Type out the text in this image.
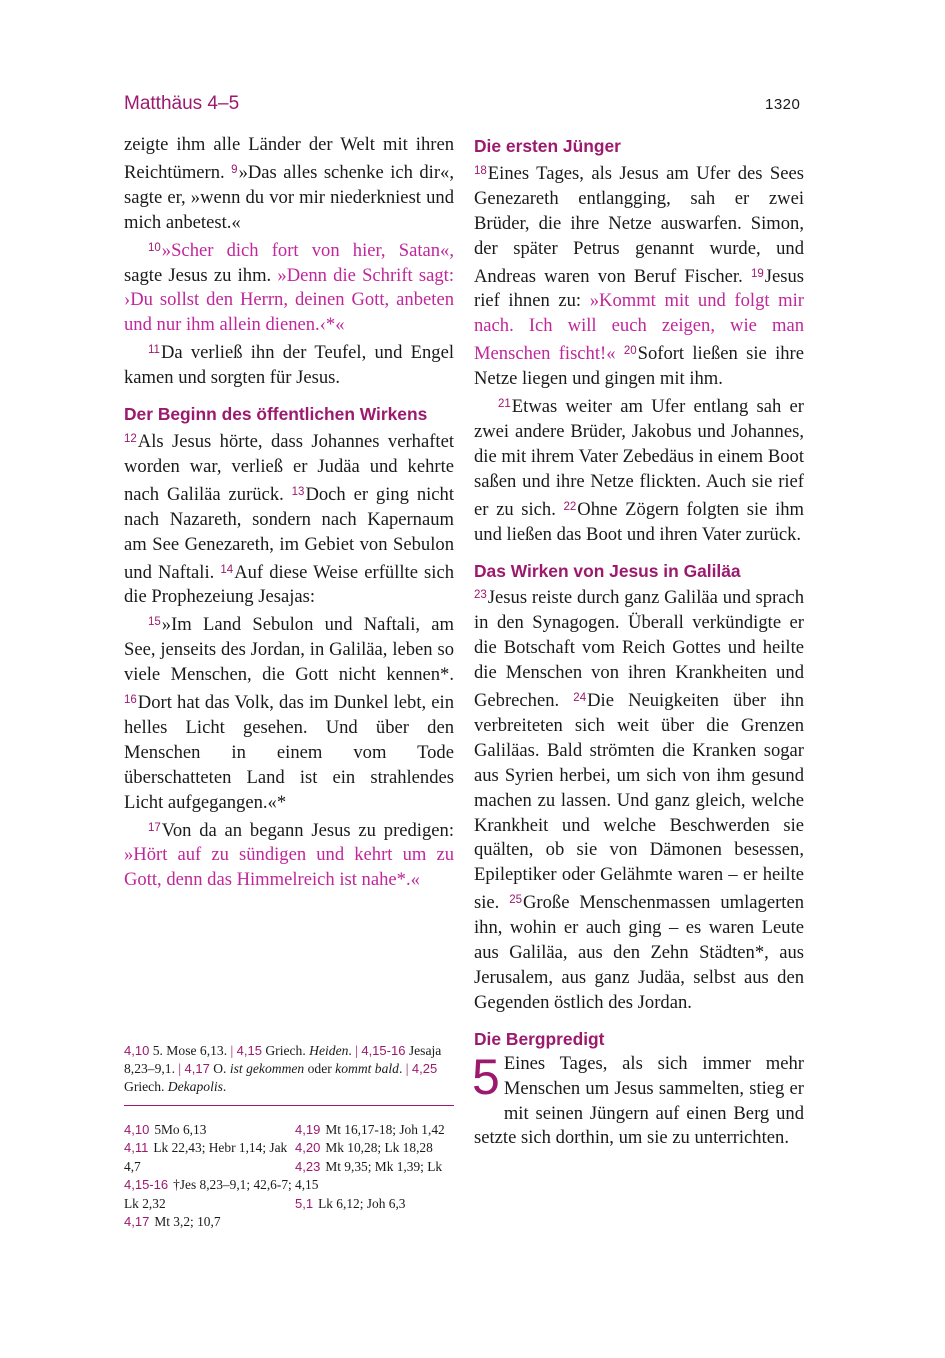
Matthäus 4–5	1320

zeigte ihm alle Länder der Welt mit ihren Reichtümern. $^9$»Das alles schenke ich dir«, sagte er, »wenn du vor mir niederkniest und mich anbetest.«

$^{10}$»Scher dich fort von hier, Satan«, sagte Jesus zu ihm. »Denn die Schrift sagt: ›Du sollst den Herrn, deinen Gott, anbeten und nur ihm allein dienen.‹*«

$^{11}$Da verließ ihn der Teufel, und Engel kamen und sorgten für Jesus.

Der Beginn des öffentlichen Wirkens

$^{12}$Als Jesus hörte, dass Johannes verhaftet worden war, verließ er Judäa und kehrte nach Galiläa zurück. $^{13}$Doch er ging nicht nach Nazareth, sondern nach Kapernaum am See Genezareth, im Gebiet von Sebulon und Naftali. $^{14}$Auf diese Weise erfüllte sich die Prophezeiung Jesajas:

$^{15}$»Im Land Sebulon und Naftali, am See, jenseits des Jordan, in Galiläa, leben so viele Menschen, die Gott nicht kennen*. $^{16}$Dort hat das Volk, das im Dunkel lebt, ein helles Licht gesehen. Und über den Menschen in einem vom Tode überschatteten Land ist ein strahlendes Licht aufgegangen.«*

$^{17}$Von da an begann Jesus zu predigen: »Hört auf zu sündigen und kehrt um zu Gott, denn das Himmelreich ist nahe*.«

Die ersten Jünger

$^{18}$Eines Tages, als Jesus am Ufer des Sees Genezareth entlangging, sah er zwei Brüder, die ihre Netze auswarfen. Simon, der später Petrus genannt wurde, und Andreas waren von Beruf Fischer. $^{19}$Jesus rief ihnen zu: »Kommt mit und folgt mir nach. Ich will euch zeigen, wie man Menschen fischt!« $^{20}$Sofort ließen sie ihre Netze liegen und gingen mit ihm.

$^{21}$Etwas weiter am Ufer entlang sah er zwei andere Brüder, Jakobus und Johannes, die mit ihrem Vater Zebedäus in einem Boot saßen und ihre Netze flickten. Auch sie rief er zu sich. $^{22}$Ohne Zögern folgten sie ihm und ließen das Boot und ihren Vater zurück.

Das Wirken von Jesus in Galiläa

$^{23}$Jesus reiste durch ganz Galiläa und sprach in den Synagogen. Überall verkündigte er die Botschaft vom Reich Gottes und heilte die Menschen von ihren Krankheiten und Gebrechen. $^{24}$Die Neuigkeiten über ihn verbreiteten sich weit über die Grenzen Galiläas. Bald strömten die Kranken sogar aus Syrien herbei, um sich von ihm gesund machen zu lassen. Und ganz gleich, welche Krankheit und welche Beschwerden sie quälten, ob sie von Dämonen besessen, Epileptiker oder Gelähmte waren – er heilte sie. $^{25}$Große Menschenmassen umlagerten ihn, wohin er auch ging – es waren Leute aus Galiläa, aus den Zehn Städten*, aus Jerusalem, aus ganz Judäa, selbst aus den Gegenden östlich des Jordan.

Die Bergpredigt

5 Eines Tages, als sich immer mehr Menschen um Jesus sammelten, stieg er mit seinen Jüngern auf einen Berg und setzte sich dorthin, um sie zu unterrichten.

4,10 5. Mose 6,13. | 4,15 Griech. Heiden. | 4,15-16 Jesaja 8,23–9,1. | 4,17 O. ist gekommen oder kommt bald. | 4,25 Griech. Dekapolis.
4,10 5Mo 6,13
4,11 Lk 22,43; Hebr 1,14; Jak 4,7
4,15-16 †Jes 8,23–9,1; 42,6-7; Lk 2,32
4,17 Mt 3,2; 10,7
4,19 Mt 16,17-18; Joh 1,42
4,20 Mk 10,28; Lk 18,28
4,23 Mt 9,35; Mk 1,39; Lk 4,15
5,1 Lk 6,12; Joh 6,3
